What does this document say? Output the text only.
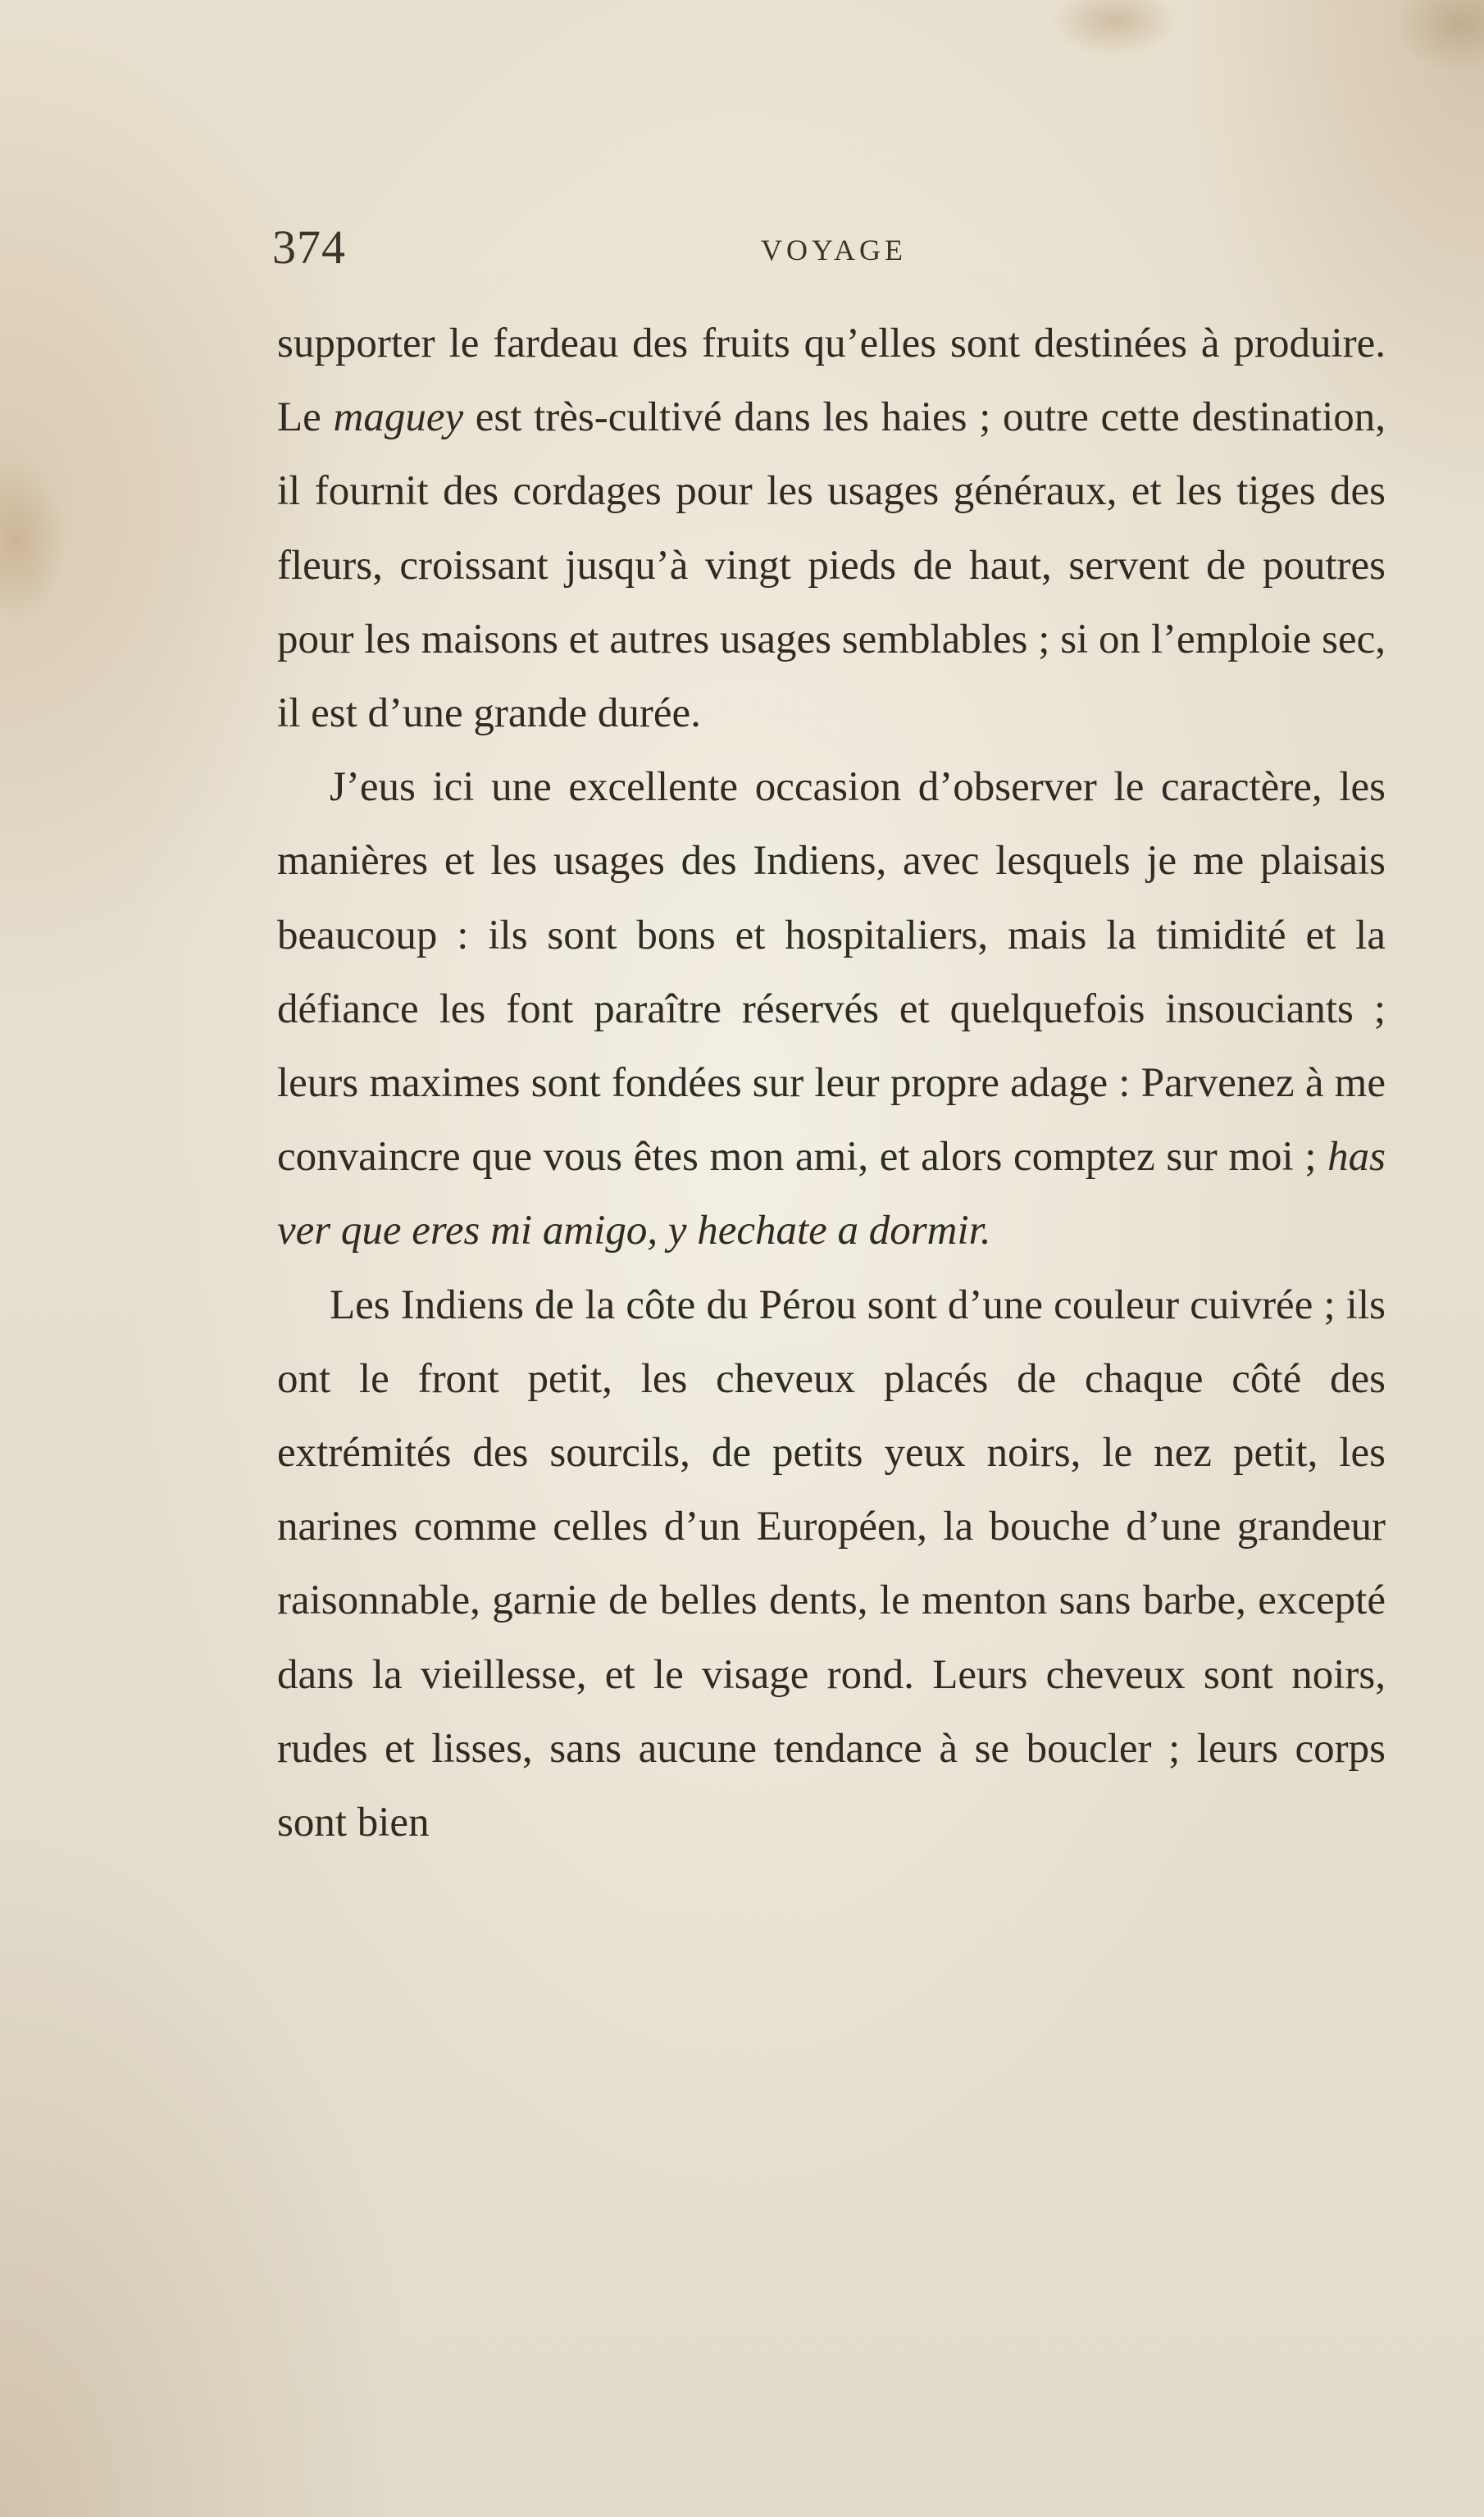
374	VOYAGE

supporter le fardeau des fruits qu’elles sont destinées à produire. Le maguey est très-cultivé dans les haies ; outre cette destination, il fournit des cordages pour les usages généraux, et les tiges des fleurs, croissant jusqu’à vingt pieds de haut, servent de poutres pour les maisons et autres usages semblables ; si on l’emploie sec, il est d’une grande durée.

J’eus ici une excellente occasion d’observer le caractère, les manières et les usages des Indiens, avec lesquels je me plaisais beaucoup : ils sont bons et hospitaliers, mais la timidité et la défiance les font paraître réservés et quelquefois insouciants ; leurs maximes sont fondées sur leur propre adage : Parvenez à me convaincre que vous êtes mon ami, et alors comptez sur moi ; has ver que eres mi amigo, y hechate a dormir.

Les Indiens de la côte du Pérou sont d’une couleur cuivrée ; ils ont le front petit, les cheveux placés de chaque côté des extrémités des sourcils, de petits yeux noirs, le nez petit, les narines comme celles d’un Européen, la bouche d’une grandeur raisonnable, garnie de belles dents, le menton sans barbe, excepté dans la vieillesse, et le visage rond. Leurs cheveux sont noirs, rudes et lisses, sans aucune tendance à se boucler ; leurs corps sont bien
